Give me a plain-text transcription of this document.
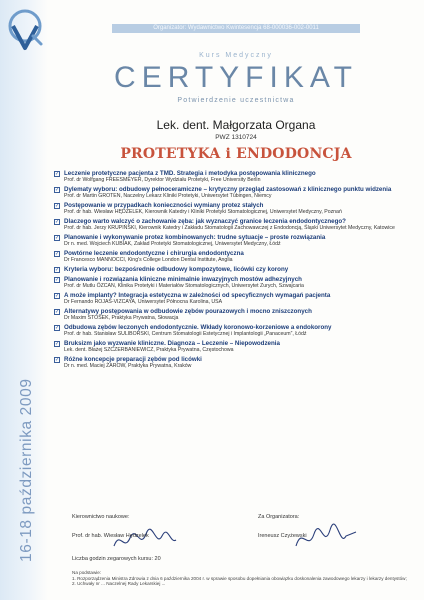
Organizator: Wydawnictwo Kwintesencja 68-000036-002-0011
Kurs Medyczny
CERTYFIKAT
Potwierdzenie uczestnictwa
Lek. dent. Małgorzata Organa
PWZ 1310724
PROTETYKA i ENDODONCJA
16-18 października 2009
✓ Leczenie protetyczne pacjenta z TMD. Strategia i metodyka postępowania klinicznego
Prof. dr Wolfgang FREESMEYER, Dyrektor Wydziału Protetyki, Free University Berlin
✓ Dylematy wyboru: odbudowy pełnoceramiczne – krytyczny przegląd zastosowań z klinicznego punktu widzenia
Prof. dr Martin GROTEN, Naczelny Lekarz Kliniki Protetyki, Uniwersytet Tübingen, Niemcy
✓ Postępowanie w przypadkach konieczności wymiany protez stałych
Prof. dr hab. Wiesław HĘDZELEK, Kierownik Katedry i Kliniki Protetyki Stomatologicznej, Uniwersytet Medyczny, Poznań
✓ Dlaczego warto walczyć o zachowanie zęba: jak wyznaczyć granice leczenia endodontycznego?
Prof. dr hab. Jerzy KRUPIŃSKI, Kierownik Katedry i Zakładu Stomatologii Zachowawczej z Endodoncją, Śląski Uniwersytet Medyczny, Katowice
✓ Planowanie i wykonywanie protez kombinowanych: trudne sytuacje – proste rozwiązania
Dr n. med. Wojciech KUBIAK, Zakład Protetyki Stomatologicznej, Uniwersytet Medyczny, Łódź
✓ Powtórne leczenie endodontyczne i chirurgia endodontyczna
Dr Francesco MANNOCCI, King's College London Dental Institute, Anglia
✓ Kryteria wyboru: bezpośrednie odbudowy kompozytowe, licówki czy korony
✓ Planowanie i rozwiązania kliniczne minimalnie inwazyjnych mostów adhezyjnych
Prof. dr Mutlu ÖZCAN, Klinika Protetyki i Materiałów Stomatologicznych, Uniwersytet Zurych, Szwajcaria
✓ A może implanty? Integracja estetyczna w zależności od specyficznych wymagań pacjenta
Dr Fernando ROJAS-VIZCAYA, Uniwersytet Północna Karolina, USA
✓ Alternatywy postępowania w odbudowie zębów pourazowych i mocno zniszczonych
Dr Maxim STOŠEK, Praktyka Prywatna, Słowacja
✓ Odbudowa zębów leczonych endodontycznie. Wkłady koronowo-korzeniowe a endokorony
Prof. dr hab. Stanisław SULIBORSKI, Centrum Stomatologii Estetycznej i Implantologii „Panaceum”, Łódź
✓ Bruksizm jako wyzwanie kliniczne. Diagnoza – Leczenie – Niepowodzenia
Lek. dent. Błażej SZCZERBANIEWICZ, Praktyka Prywatna, Częstochowa
✓ Różne koncepcje preparacji zębów pod licówki
Dr n. med. Maciej ŻAROW, Praktyka Prywatna, Kraków
Kierownictwo naukowe:	Za Organizatora:
Prof. dr hab. Wiesław Hędzelek	Ireneusz Czyżewski
Liczba godzin zegarowych kursu: 20
Na podstawie:
1. Rozporządzenia Ministra Zdrowia z dnia 6 października 2004 r. w sprawie sposobu dopełniania obowiązku doskonalenia zawodowego lekarzy i lekarzy dentystów;
2. Uchwały nr ... Naczelnej Rady Lekarskiej ...
